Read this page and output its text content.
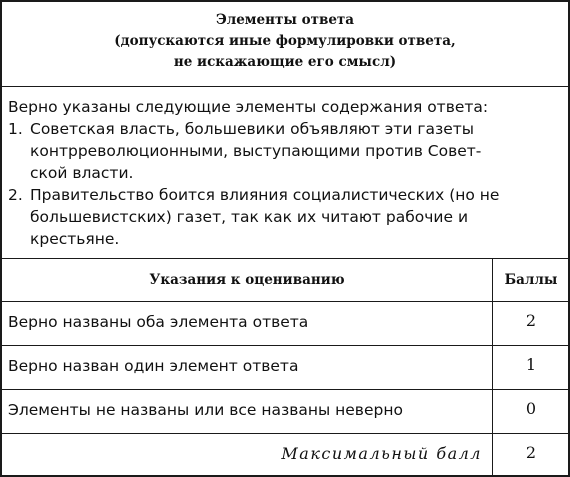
Элементы ответа
(допускаются иные формулировки ответа,
не искажающие его смысл)
Верно указаны следующие элементы содержания ответа:
1. Советская власть, большевики объявляют эти газеты
контрреволюционными, выступающими против Совет-
ской власти.
2. Правительство боится влияния социалистических (но не
большевистских) газет, так как их читают рабочие и
крестьяне.
Указания к оцениванию	Баллы
Верно названы оба элемента ответа	2
Верно назван один элемент ответа	1
Элементы не названы или все названы неверно	0
Максимальный балл	2
